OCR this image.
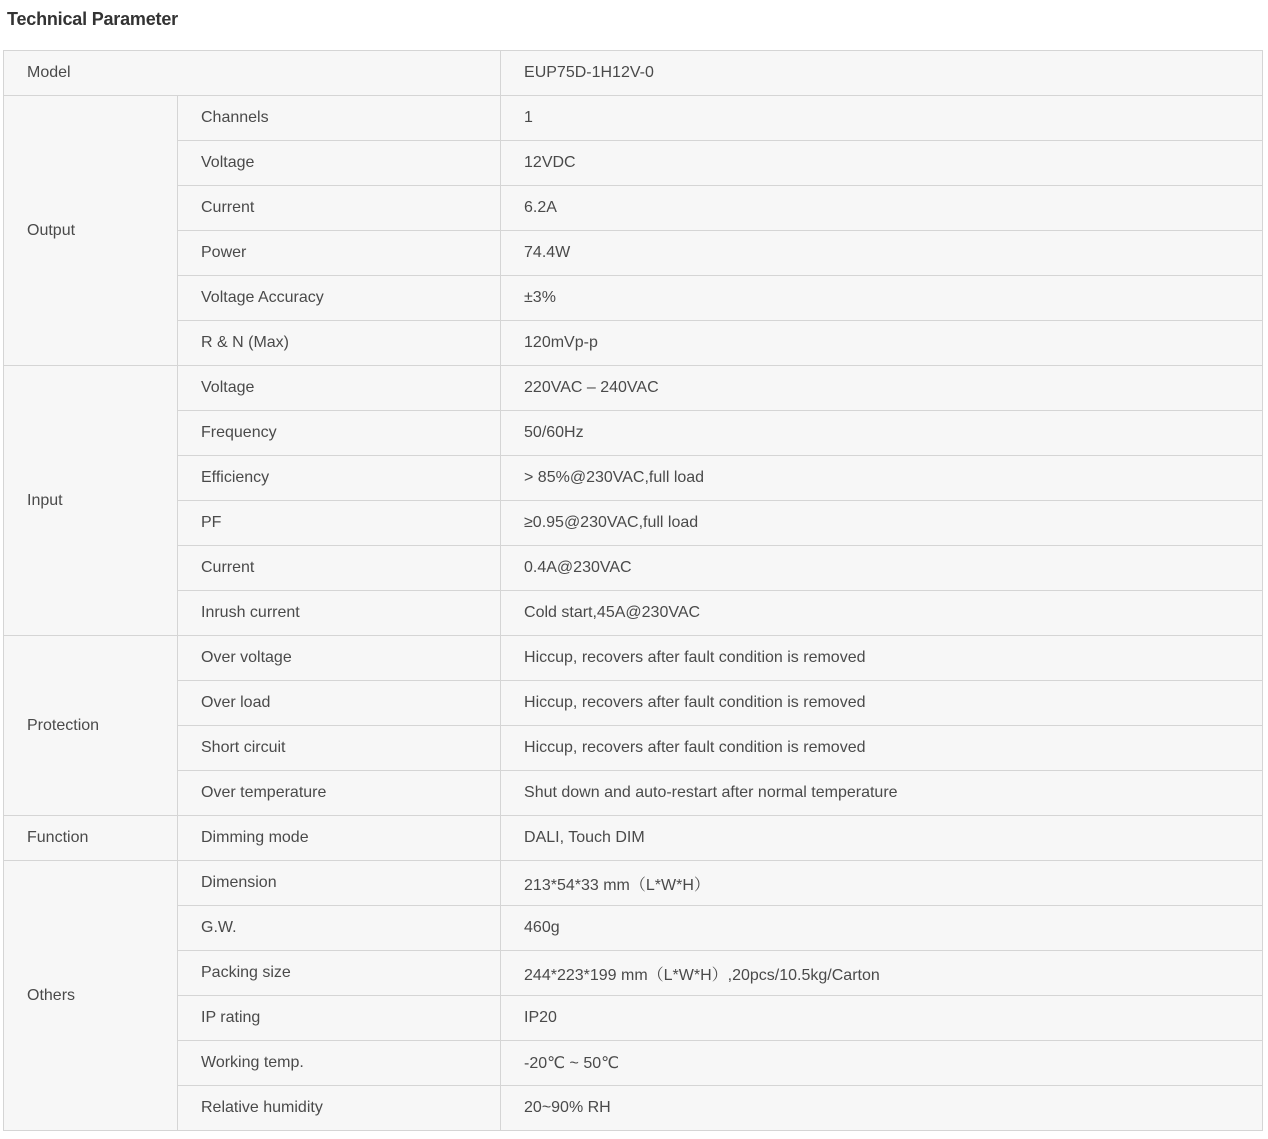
Technical Parameter
Model		EUP75D-1H12V-0
Output	Channels	1
	Voltage	12VDC
	Current	6.2A
	Power	74.4W
	Voltage Accuracy	±3%
	R & N (Max)	120mVp-p
Input	Voltage	220VAC – 240VAC
	Frequency	50/60Hz
	Efficiency	> 85%@230VAC,full load
	PF	≥0.95@230VAC,full load
	Current	0.4A@230VAC
	Inrush current	Cold start,45A@230VAC
Protection	Over voltage	Hiccup, recovers after fault condition is removed
	Over load	Hiccup, recovers after fault condition is removed
	Short circuit	Hiccup, recovers after fault condition is removed
	Over temperature	Shut down and auto-restart after normal temperature
Function	Dimming mode	DALI, Touch DIM
Others	Dimension	213*54*33 mm（L*W*H）
	G.W.	460g
	Packing size	244*223*199 mm（L*W*H）,20pcs/10.5kg/Carton
	IP rating	IP20
	Working temp.	-20℃ ~ 50℃
	Relative humidity	20~90% RH
